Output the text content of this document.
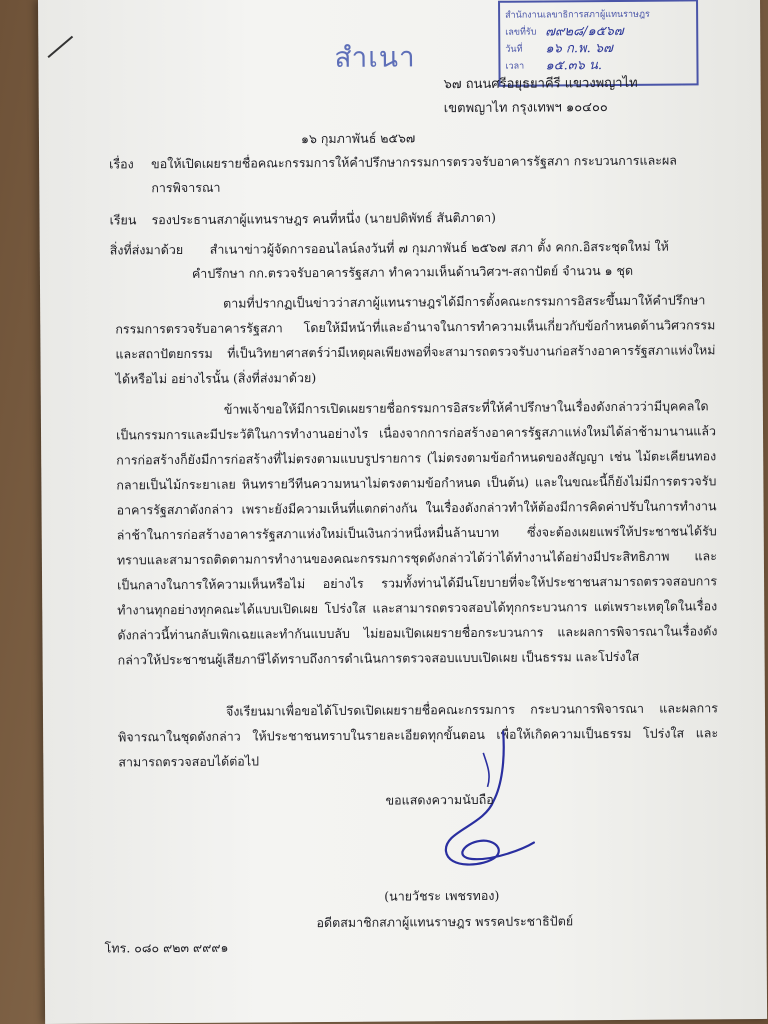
สำเนา
สำนักงานเลขาธิการสภาผู้แทนราษฎร
เลขที่รับ ๗๙๒๘/๑๕๖๗
วันที่	๑๖ ก.พ. ๖๗
เวลา	๑๕.๓๖ น.
๖๗ ถนนศรีอยุธยาคีรี แขวงพญาไท
เขตพญาไท กรุงเทพฯ ๑๐๔๐๐
๑๖ กุมภาพันธ์ ๒๕๖๗
เรื่อง ขอให้เปิดเผยรายชื่อคณะกรรมการให้คำปรึกษากรรมการตรวจรับอาคารรัฐสภา กระบวนการและผล
การพิจารณา
เรียน รองประธานสภาผู้แทนราษฎร คนที่หนึ่ง (นายปดิพัทธ์ สันติภาดา)
สิ่งที่ส่งมาด้วย สำเนาข่าวผู้จัดการออนไลน์ลงวันที่ ๗ กุมภาพันธ์ ๒๕๖๗ สภา ตั้ง คกก.อิสระชุดใหม่ ให้
คำปรึกษา กก.ตรวจรับอาคารรัฐสภา ทำความเห็นด้านวิศวฯ-สถาปัตย์ จำนวน ๑ ชุด
ตามที่ปรากฏเป็นข่าวว่าสภาผู้แทนราษฎรได้มีการตั้งคณะกรรมการอิสระขึ้นมาให้คำปรึกษากรรมการตรวจรับอาคารรัฐสภา โดยให้มีหน้าที่และอำนาจในการทำความเห็นเกี่ยวกับข้อกำหนดด้านวิศวกรรมและสถาปัตยกรรม ที่เป็นวิทยาศาสตร์ว่ามีเหตุผลเพียงพอที่จะสามารถตรวจรับงานก่อสร้างอาคารรัฐสภาแห่งใหม่ได้หรือไม่ อย่างไรนั้น (สิ่งที่ส่งมาด้วย)
ข้าพเจ้าขอให้มีการเปิดเผยรายชื่อกรรมการอิสระที่ให้คำปรึกษาในเรื่องดังกล่าวว่ามีบุคคลใดเป็นกรรมการและมีประวัติในการทำงานอย่างไร เนื่องจากการก่อสร้างอาคารรัฐสภาแห่งใหม่ได้ล่าช้ามานานแล้ว การก่อสร้างก็ยังมีการก่อสร้างที่ไม่ตรงตามแบบรูปรายการ (ไม่ตรงตามข้อกำหนดของสัญญา เช่น ไม้ตะเคียนทองกลายเป็นไม้กระยาเลย หินทรายวีทีนความหนาไม่ตรงตามข้อกำหนด เป็นต้น) และในขณะนี้ก็ยังไม่มีการตรวจรับอาคารรัฐสภาดังกล่าว เพราะยังมีความเห็นที่แตกต่างกัน ในเรื่องดังกล่าวทำให้ต้องมีการคิดค่าปรับในการทำงานล่าช้าในการก่อสร้างอาคารรัฐสภาแห่งใหม่เป็นเงินกว่าหนึ่งหมื่นล้านบาท ซึ่งจะต้องเผยแพร่ให้ประชาชนได้รับทราบและสามารถติดตามการทำงานของคณะกรรมการชุดดังกล่าวได้ว่าได้ทำงานได้อย่างมีประสิทธิภาพ และเป็นกลางในการให้ความเห็นหรือไม่ อย่างไร รวมทั้งท่านได้มีนโยบายที่จะให้ประชาชนสามารถตรวจสอบการทำงานทุกอย่างทุกคณะได้แบบเปิดเผย โปร่งใส และสามารถตรวจสอบได้ทุกกระบวนการ แต่เพราะเหตุใดในเรื่องดังกล่าวนี้ท่านกลับเพิกเฉยและทำกันแบบลับ ไม่ยอมเปิดเผยรายชื่อกระบวนการ และผลการพิจารณาในเรื่องดังกล่าวให้ประชาชนผู้เสียภาษีได้ทราบถึงการดำเนินการตรวจสอบแบบเปิดเผย เป็นธรรม และโปร่งใส
จึงเรียนมาเพื่อขอได้โปรดเปิดเผยรายชื่อคณะกรรมการ กระบวนการพิจารณา และผลการพิจารณาในชุดดังกล่าว ให้ประชาชนทราบในรายละเอียดทุกขั้นตอน เพื่อให้เกิดความเป็นธรรม โปร่งใส และสามารถตรวจสอบได้ต่อไป
ขอแสดงความนับถือ
(นายวัชระ เพชรทอง)
อดีตสมาชิกสภาผู้แทนราษฎร พรรคประชาธิปัตย์
โทร. ๐๘๐ ๙๒๓ ๙๙๙๑
